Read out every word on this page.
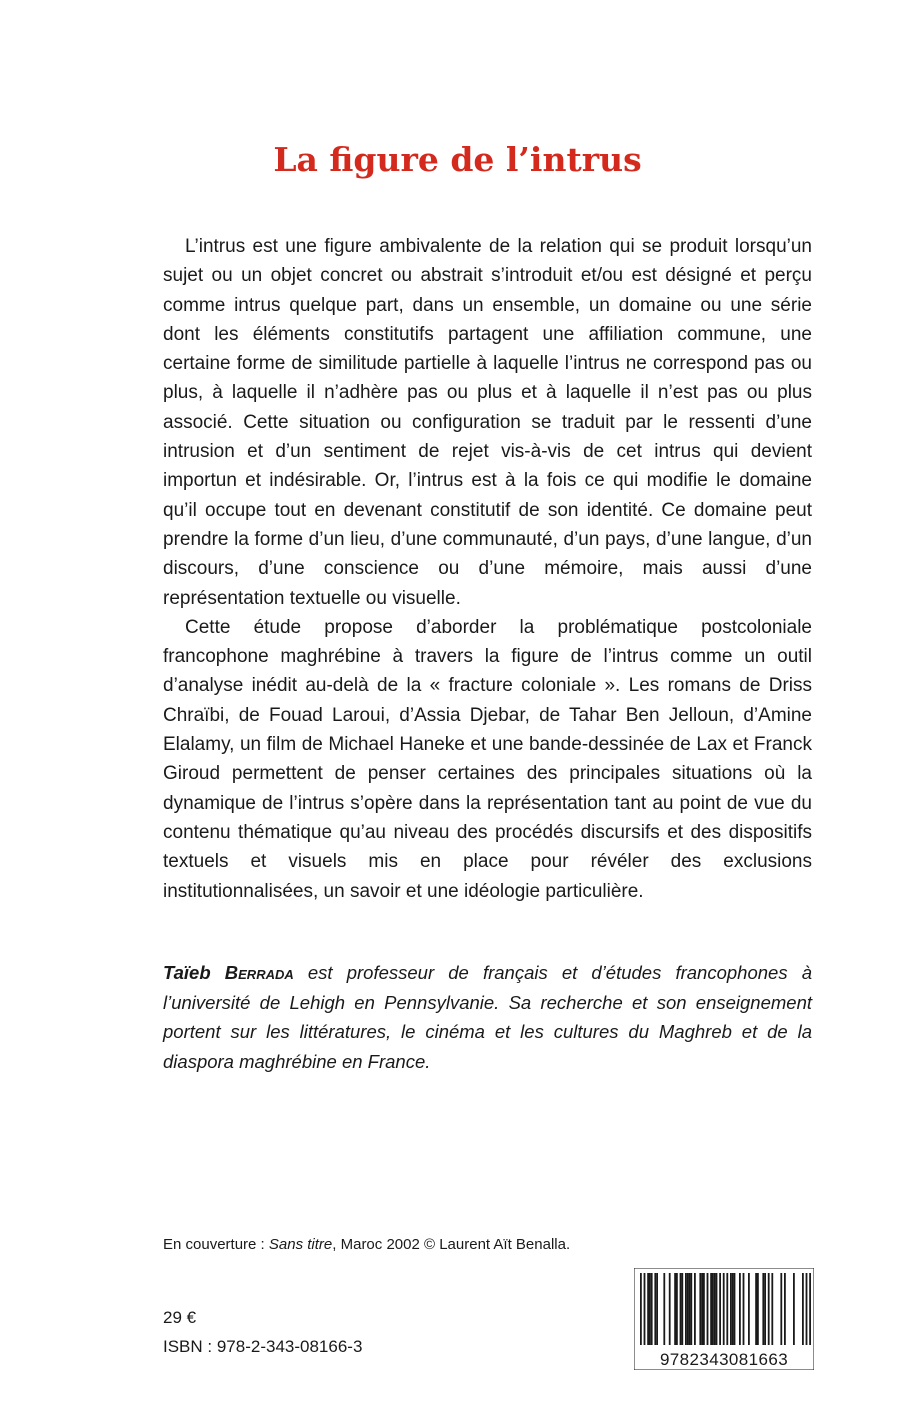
La figure de l’intrus

L’intrus est une figure ambivalente de la relation qui se produit lorsqu’un sujet ou un objet concret ou abstrait s’introduit et/ou est désigné et perçu comme intrus quelque part, dans un ensemble, un domaine ou une série dont les éléments constitutifs partagent une affiliation commune, une certaine forme de similitude partielle à laquelle l’intrus ne correspond pas ou plus, à laquelle il n’adhère pas ou plus et à laquelle il n’est pas ou plus associé. Cette situation ou configuration se traduit par le ressenti d’une intrusion et d’un sentiment de rejet vis-à-vis de cet intrus qui devient importun et indésirable. Or, l’intrus est à la fois ce qui modifie le domaine qu’il occupe tout en devenant constitutif de son identité. Ce domaine peut prendre la forme d’un lieu, d’une communauté, d’un pays, d’une langue, d’un discours, d’une conscience ou d’une mémoire, mais aussi d’une représentation textuelle ou visuelle.

Cette étude propose d’aborder la problématique postcoloniale francophone maghrébine à travers la figure de l’intrus comme un outil d’analyse inédit au-delà de la « fracture coloniale ». Les romans de Driss Chraïbi, de Fouad Laroui, d’Assia Djebar, de Tahar Ben Jelloun, d’Amine Elalamy, un film de Michael Haneke et une bande-dessinée de Lax et Franck Giroud permettent de penser certaines des principales situations où la dynamique de l’intrus s’opère dans la représentation tant au point de vue du contenu thématique qu’au niveau des procédés discursifs et des dispositifs textuels et visuels mis en place pour révéler des exclusions institutionnalisées, un savoir et une idéologie particulière.

Taïeb Berrada est professeur de français et d’études francophones à l’université de Lehigh en Pennsylvanie. Sa recherche et son enseignement portent sur les littératures, le cinéma et les cultures du Maghreb et de la diaspora maghrébine en France.

En couverture : Sans titre, Maroc 2002 © Laurent Aït Benalla.

29 €

ISBN : 978-2-343-08166-3

9782343081663
